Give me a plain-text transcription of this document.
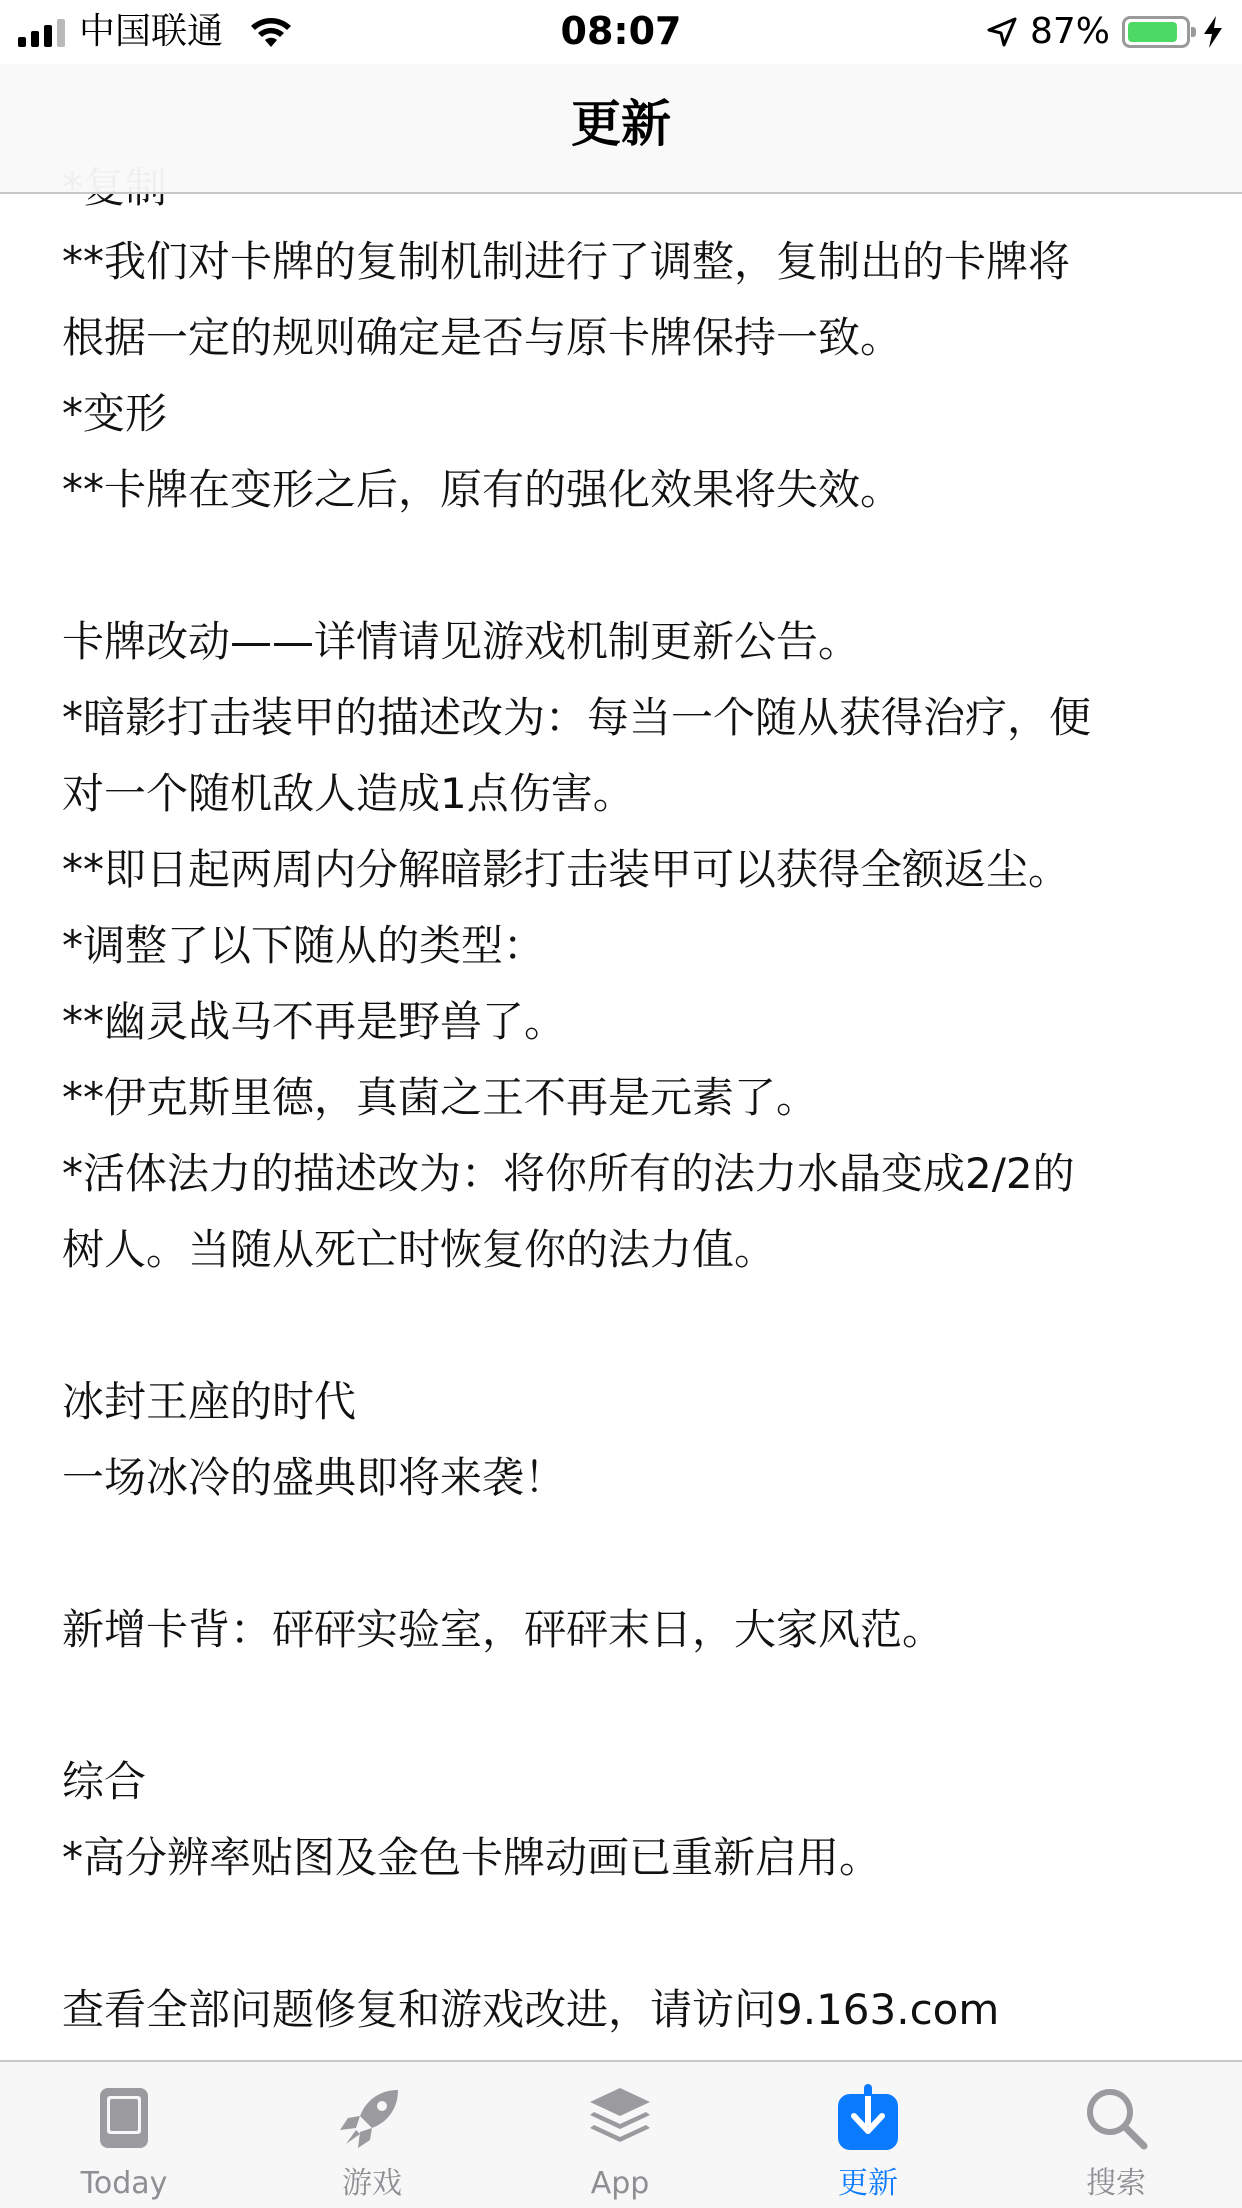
中国联通	08:07	87%
更新
**我们对卡牌的复制机制进行了调整，复制出的卡牌将
根据一定的规则确定是否与原卡牌保持一致。
*变形
**卡牌在变形之后，原有的强化效果将失效。
卡牌改动——详情请见游戏机制更新公告。
*暗影打击装甲的描述改为：每当一个随从获得治疗，便
对一个随机敌人造成1点伤害。
**即日起两周内分解暗影打击装甲可以获得全额返尘。
*调整了以下随从的类型：
**幽灵战马不再是野兽了。
**伊克斯里德，真菌之王不再是元素了。
*活体法力的描述改为：将你所有的法力水晶变成2/2的
树人。当随从死亡时恢复你的法力值。
冰封王座的时代
一场冰冷的盛典即将来袭！
新增卡背：砰砰实验室，砰砰末日，大家风范。
综合
*高分辨率贴图及金色卡牌动画已重新启用。
查看全部问题修复和游戏改进，请访问9.163.com
Today	游戏	App	更新	搜索
